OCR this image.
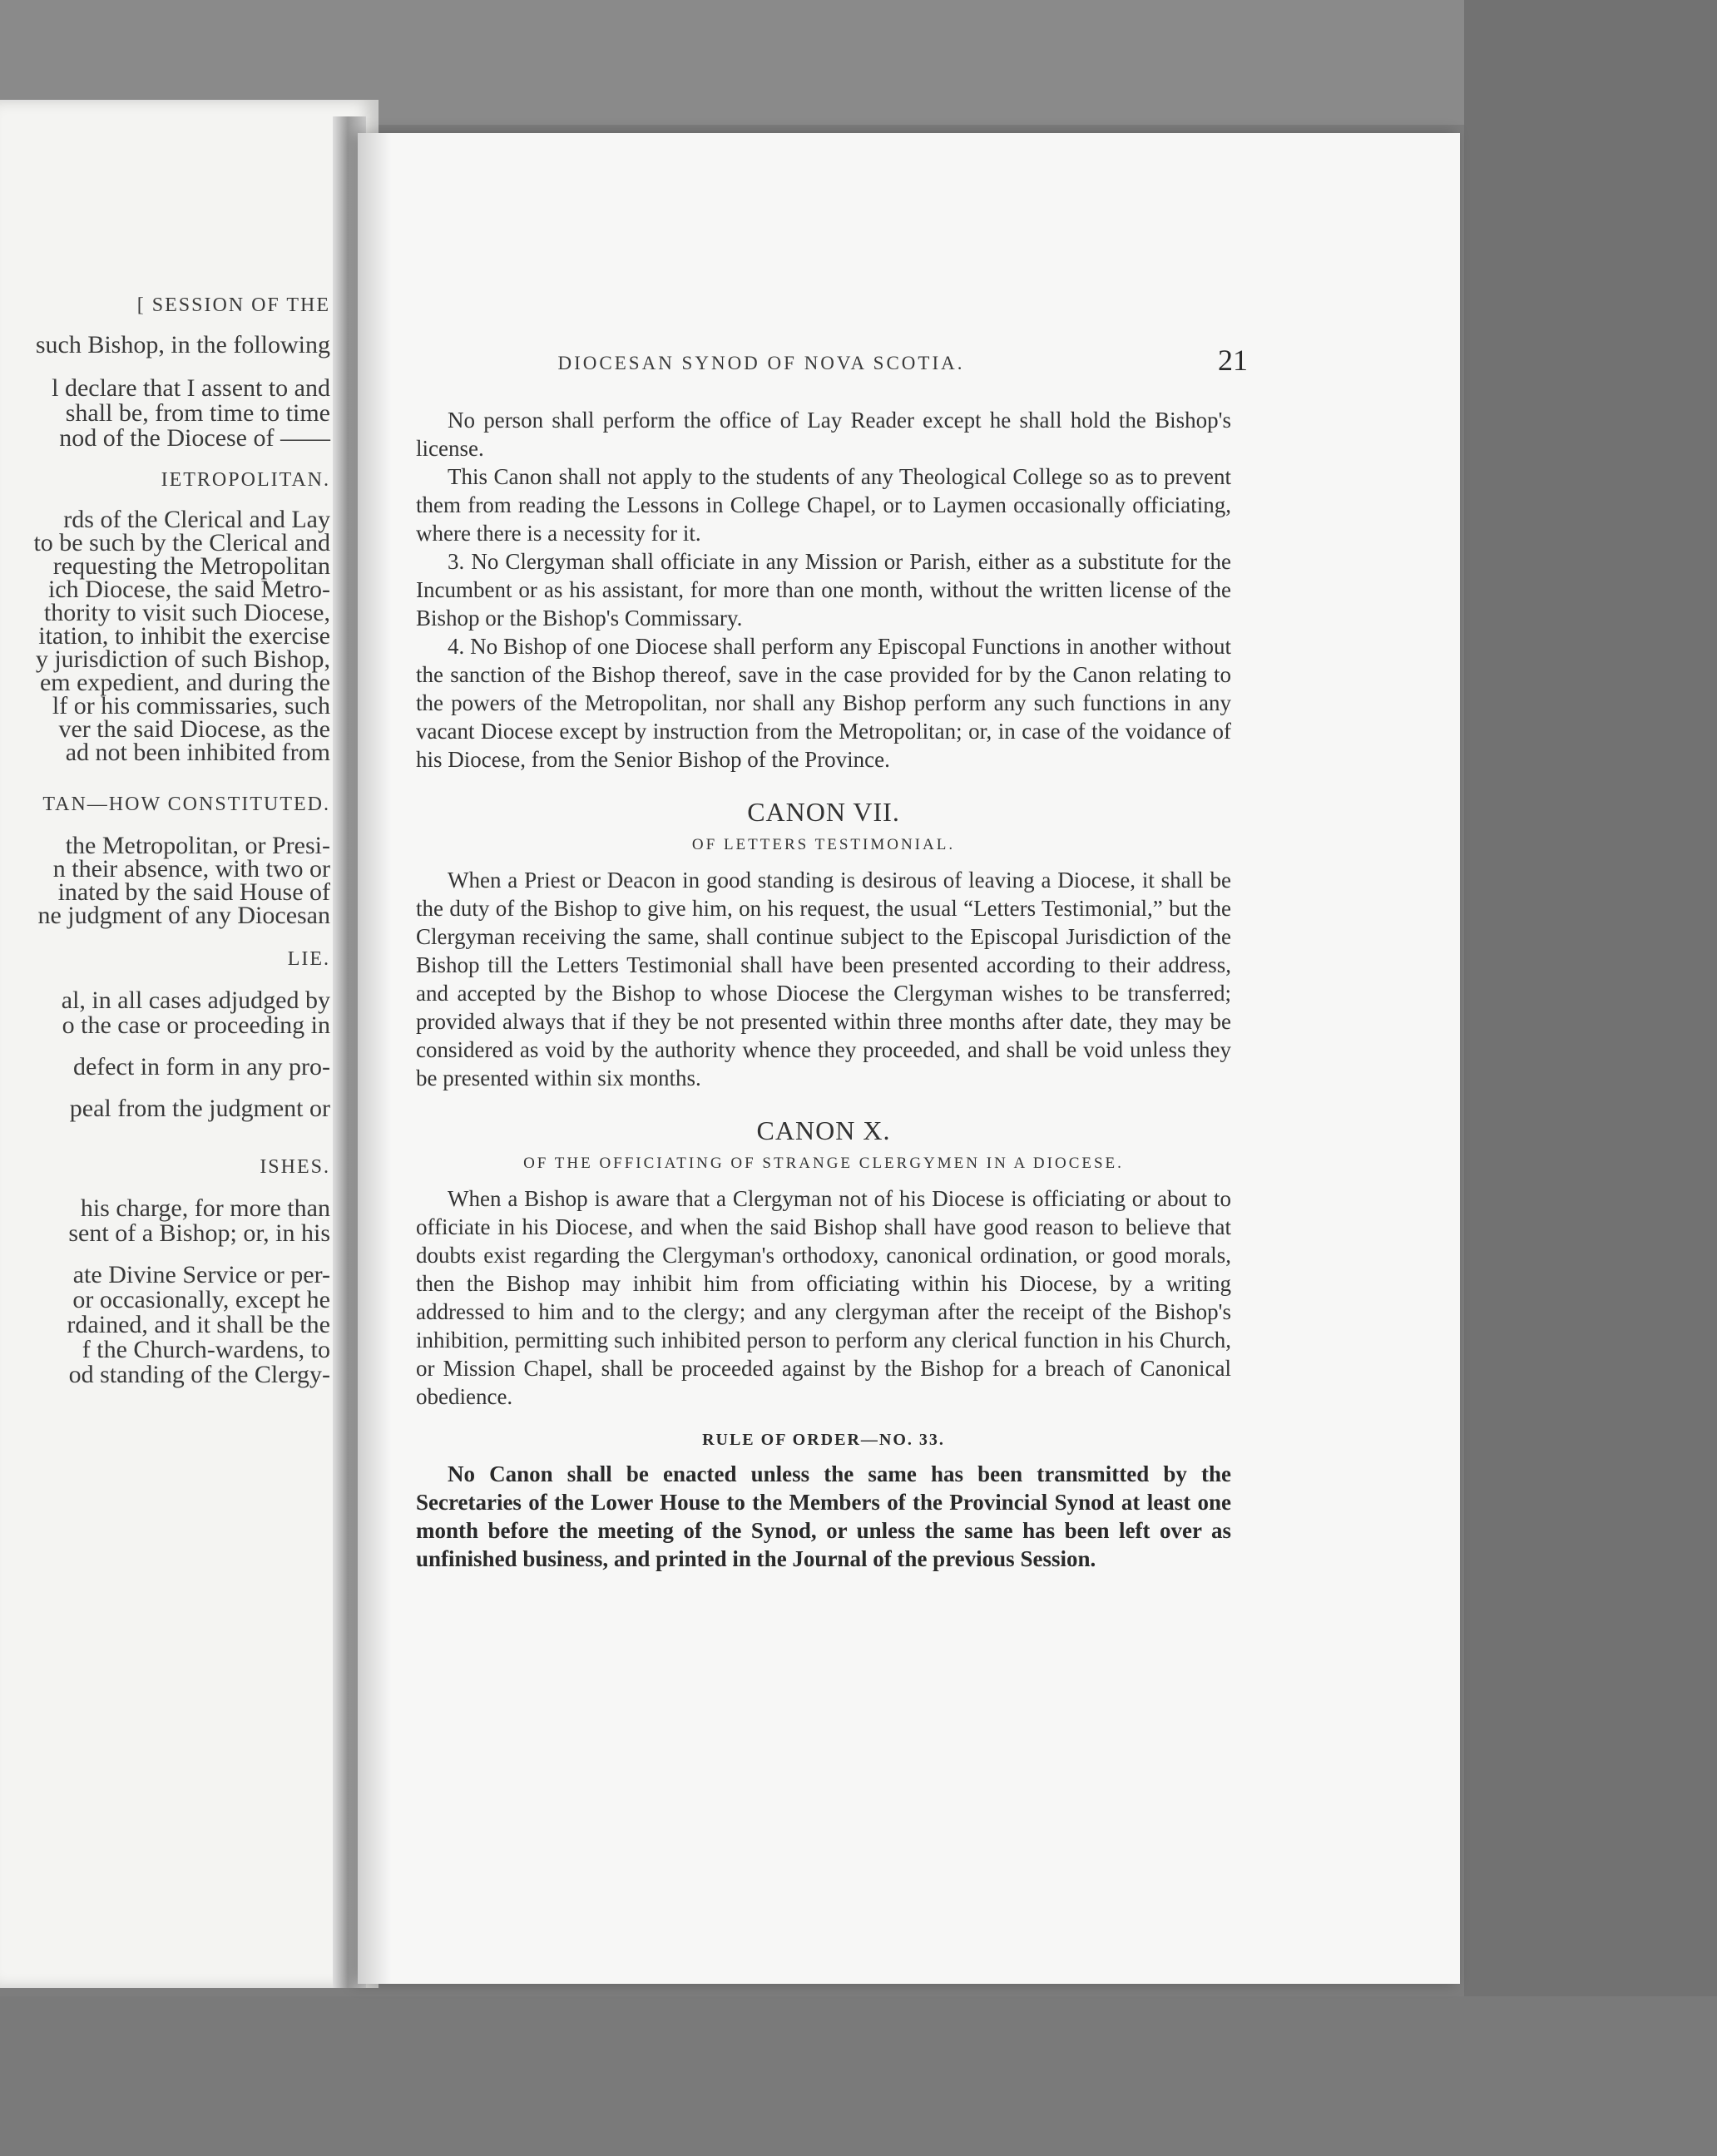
[ SESSION OF THE
such Bishop, in the following
l declare that I assent to and
shall be, from time to time
nod of the Diocese of ——
IETROPOLITAN.
rds of the Clerical and Lay
to be such by the Clerical and
requesting the Metropolitan
ich Diocese, the said Metro-
thority to visit such Diocese,
itation, to inhibit the exercise
y jurisdiction of such Bishop,
em expedient, and during the
lf or his commissaries, such
ver the said Diocese, as the
ad not been inhibited from
TAN—HOW CONSTITUTED.
the Metropolitan, or Presi-
n their absence, with two or
inated by the said House of
ne judgment of any Diocesan
LIE.
al, in all cases adjudged by
o the case or proceeding in
defect in form in any pro-
peal from the judgment or
ISHES.
his charge, for more than
sent of a Bishop; or, in his
ate Divine Service or per-
or occasionally, except he
rdained, and it shall be the
f the Church-wardens, to
od standing of the Clergy-
DIOCESAN SYNOD OF NOVA SCOTIA.	21

No person shall perform the office of Lay Reader except he shall hold the Bishop's license.

This Canon shall not apply to the students of any Theological College so as to prevent them from reading the Lessons in College Chapel, or to Laymen occasionally officiating, where there is a necessity for it.

3. No Clergyman shall officiate in any Mission or Parish, either as a substitute for the Incumbent or as his assistant, for more than one month, without the written license of the Bishop or the Bishop's Commissary.

4. No Bishop of one Diocese shall perform any Episcopal Functions in another without the sanction of the Bishop thereof, save in the case provided for by the Canon relating to the powers of the Metropolitan, nor shall any Bishop perform any such functions in any vacant Diocese except by instruction from the Metropolitan; or, in case of the voidance of his Diocese, from the Senior Bishop of the Province.

CANON VII.
OF LETTERS TESTIMONIAL.

When a Priest or Deacon in good standing is desirous of leaving a Diocese, it shall be the duty of the Bishop to give him, on his request, the usual “Letters Testimonial,” but the Clergyman receiving the same, shall continue subject to the Episcopal Jurisdiction of the Bishop till the Letters Testimonial shall have been presented according to their address, and accepted by the Bishop to whose Diocese the Clergyman wishes to be transferred; provided always that if they be not presented within three months after date, they may be considered as void by the authority whence they proceeded, and shall be void unless they be presented within six months.

CANON X.
OF THE OFFICIATING OF STRANGE CLERGYMEN IN A DIOCESE.

When a Bishop is aware that a Clergyman not of his Diocese is officiating or about to officiate in his Diocese, and when the said Bishop shall have good reason to believe that doubts exist regarding the Clergyman's orthodoxy, canonical ordination, or good morals, then the Bishop may inhibit him from officiating within his Diocese, by a writing addressed to him and to the clergy; and any clergyman after the receipt of the Bishop's inhibition, permitting such inhibited person to perform any clerical function in his Church, or Mission Chapel, shall be proceeded against by the Bishop for a breach of Canonical obedience.

RULE OF ORDER—NO. 33.

No Canon shall be enacted unless the same has been transmitted by the Secretaries of the Lower House to the Members of the Provincial Synod at least one month before the meeting of the Synod, or unless the same has been left over as unfinished business, and printed in the Journal of the previous Session.
